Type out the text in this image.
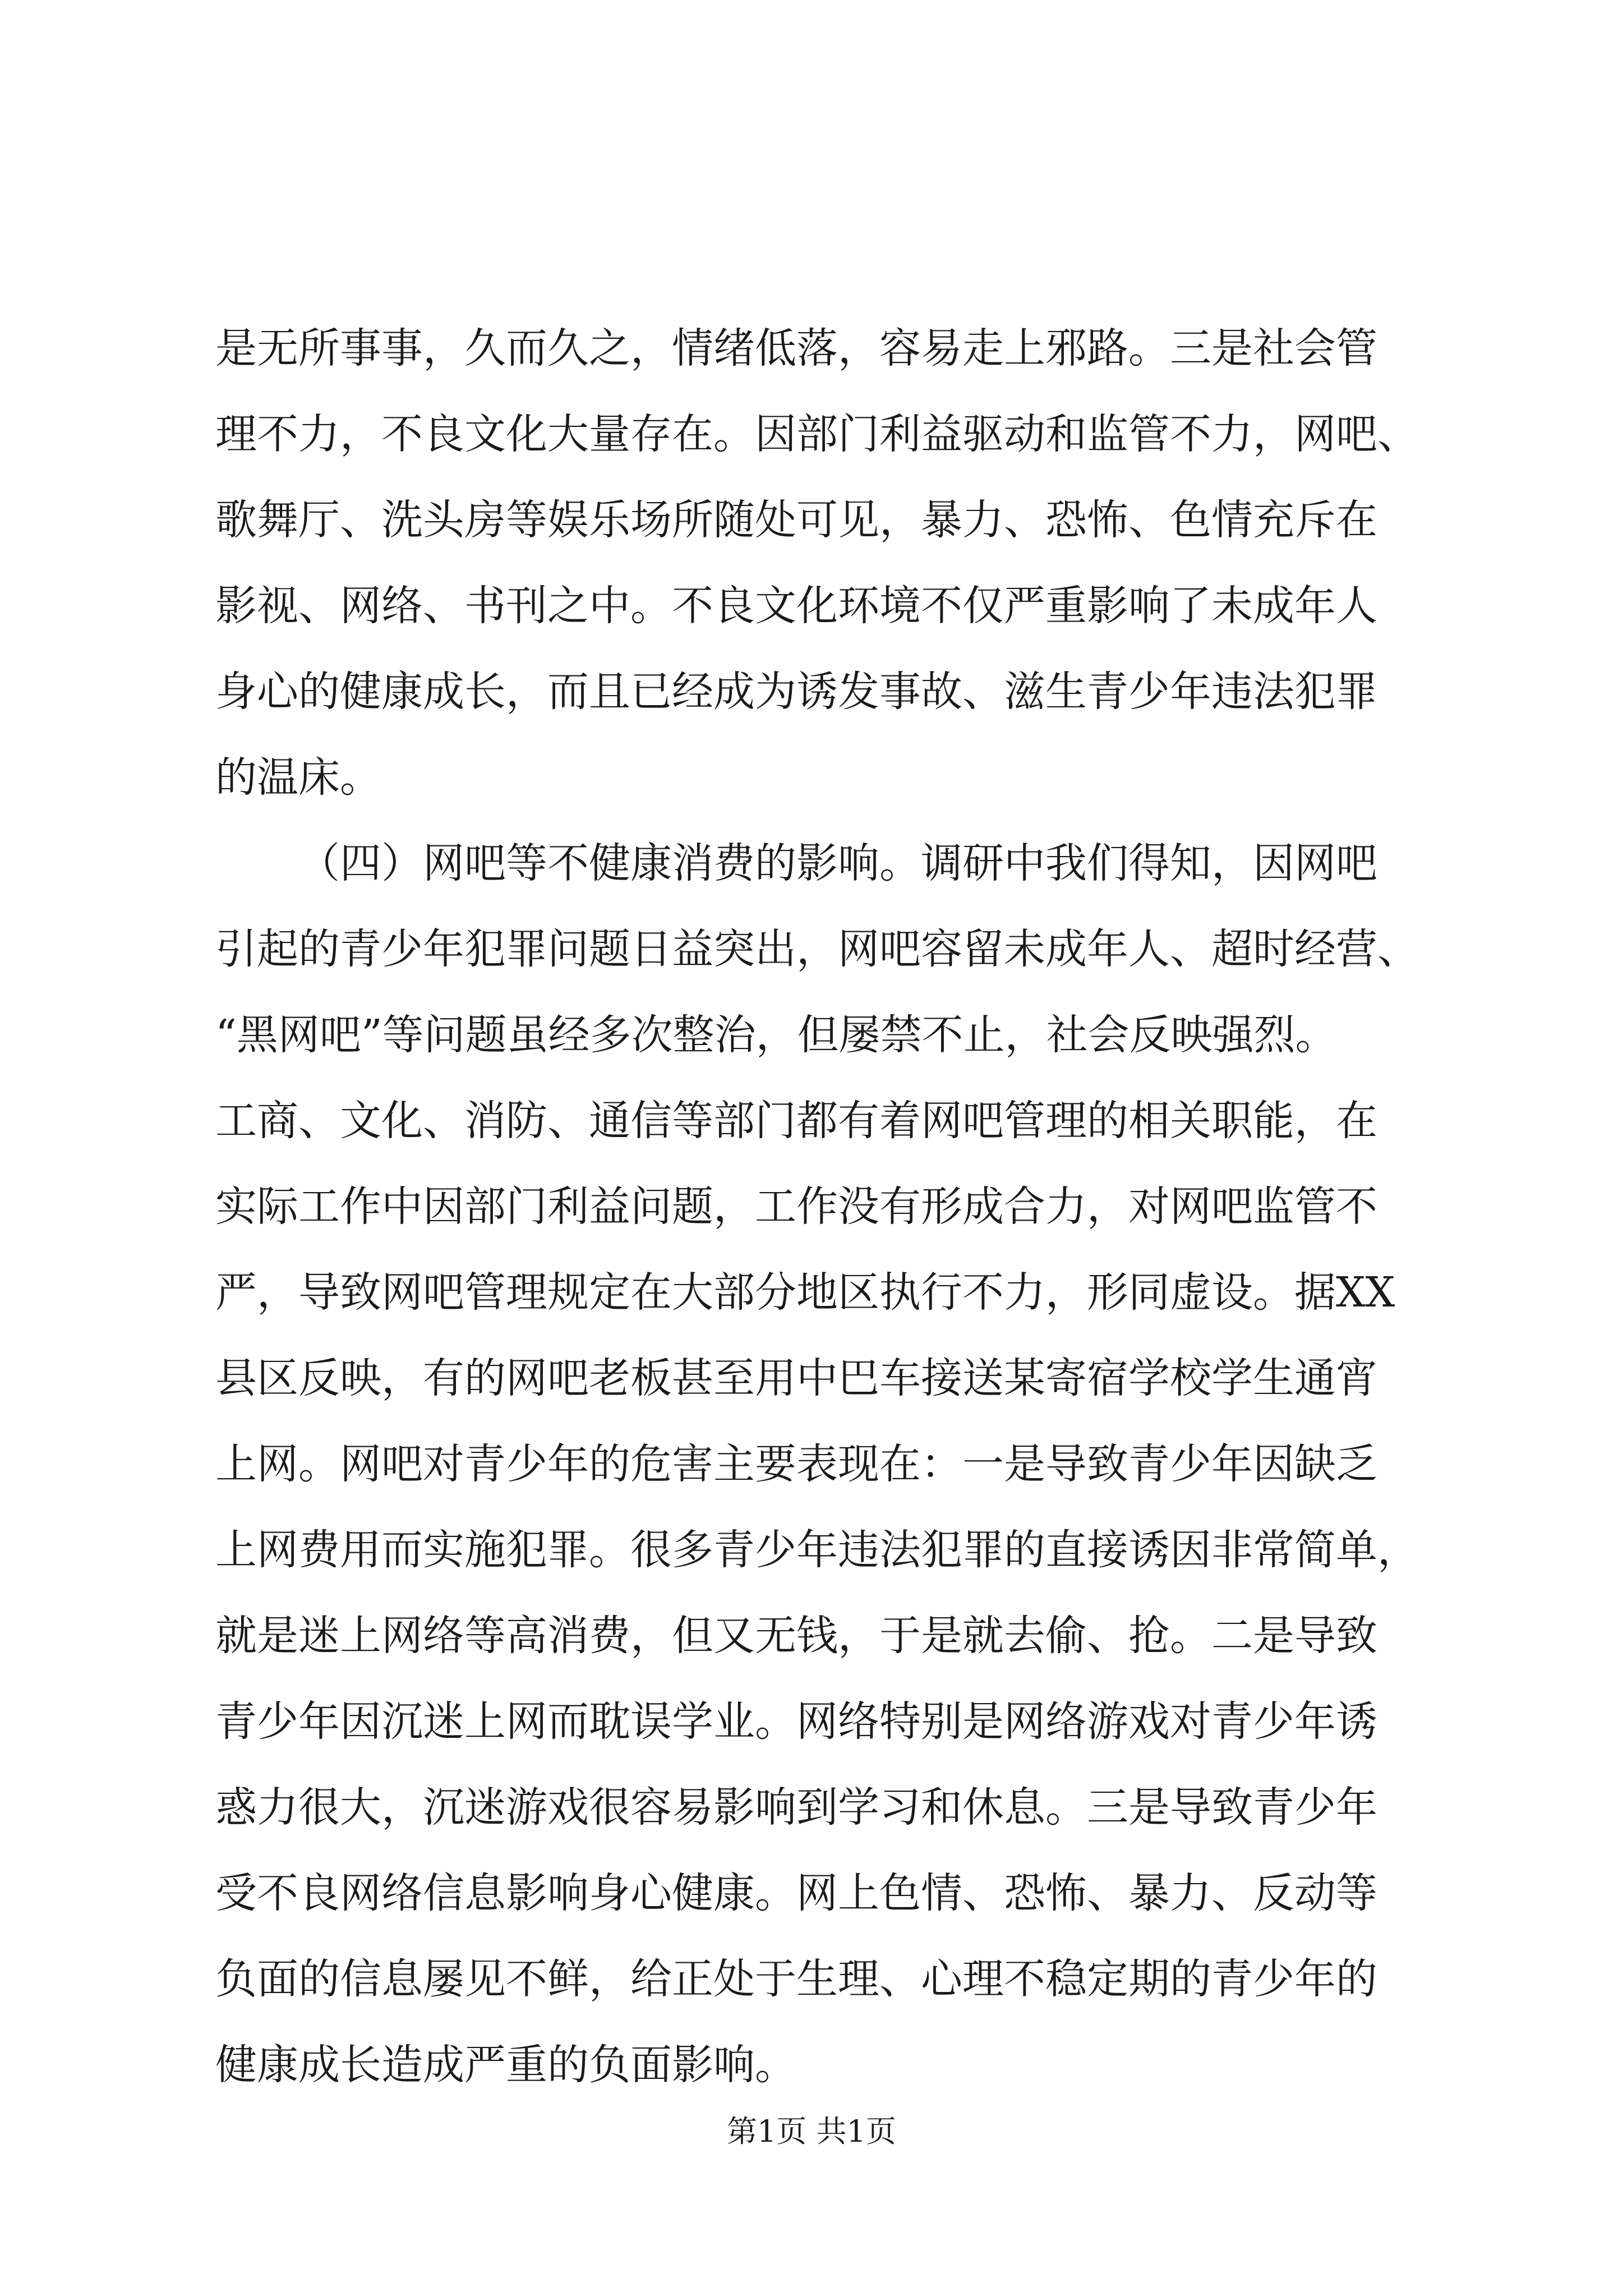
是无所事事，久而久之，情绪低落，容易走上邪路。三是社会管
理不力，不良文化大量存在。因部门利益驱动和监管不力，网吧、
歌舞厅、洗头房等娱乐场所随处可见，暴力、恐怖、色情充斥在
影视、网络、书刊之中。不良文化环境不仅严重影响了未成年人
身心的健康成长，而且已经成为诱发事故、滋生青少年违法犯罪
的温床。
（四）网吧等不健康消费的影响。调研中我们得知，因网吧
引起的青少年犯罪问题日益突出，网吧容留未成年人、超时经营、
“黑网吧”等问题虽经多次整治，但屡禁不止，社会反映强烈。
工商、文化、消防、通信等部门都有着网吧管理的相关职能，在
实际工作中因部门利益问题，工作没有形成合力，对网吧监管不
严，导致网吧管理规定在大部分地区执行不力，形同虚设。据XX
县区反映，有的网吧老板甚至用中巴车接送某寄宿学校学生通宵
上网。网吧对青少年的危害主要表现在：一是导致青少年因缺乏
上网费用而实施犯罪。很多青少年违法犯罪的直接诱因非常简单，
就是迷上网络等高消费，但又无钱，于是就去偷、抢。二是导致
青少年因沉迷上网而耽误学业。网络特别是网络游戏对青少年诱
惑力很大，沉迷游戏很容易影响到学习和休息。三是导致青少年
受不良网络信息影响身心健康。网上色情、恐怖、暴力、反动等
负面的信息屡见不鲜，给正处于生理、心理不稳定期的青少年的
健康成长造成严重的负面影响。
第1页 共1页
